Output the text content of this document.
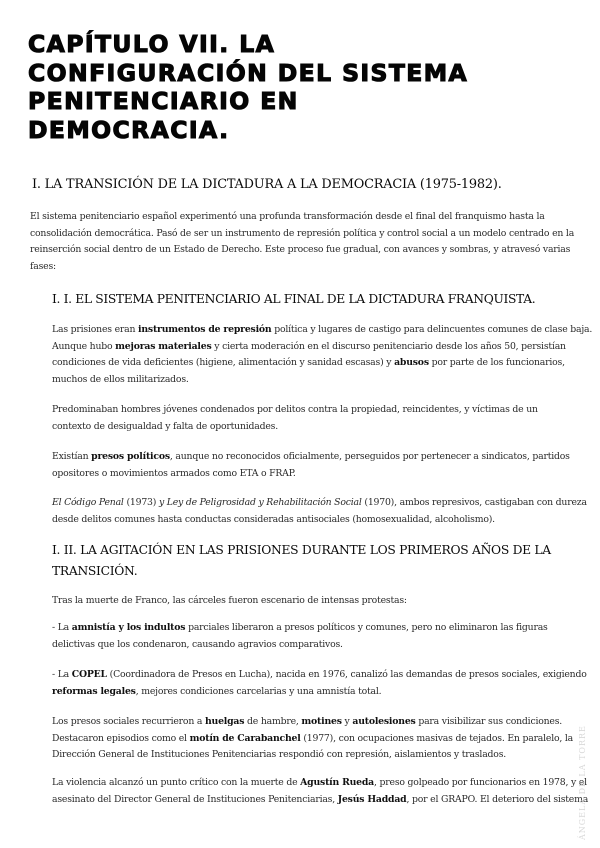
CAPÍTULO VII. LA
CONFIGURACIÓN DEL SISTEMA
PENITENCIARIO EN
DEMOCRACIA.
I. LA TRANSICIÓN DE LA DICTADURA A LA DEMOCRACIA (1975-1982).

El sistema penitenciario español experimentó una profunda transformación desde el final del franquismo hasta la
consolidación democrática. Pasó de ser un instrumento de represión política y control social a un modelo centrado en la
reinserción social dentro de un Estado de Derecho. Este proceso fue gradual, con avances y sombras, y atravesó varias
fases:

I. I. EL SISTEMA PENITENCIARIO AL FINAL DE LA DICTADURA FRANQUISTA.

Las prisiones eran instrumentos de represión política y lugares de castigo para delincuentes comunes de clase baja.
Aunque hubo mejoras materiales y cierta moderación en el discurso penitenciario desde los años 50, persistían
condiciones de vida deficientes (higiene, alimentación y sanidad escasas) y abusos por parte de los funcionarios,
muchos de ellos militarizados.

Predominaban hombres jóvenes condenados por delitos contra la propiedad, reincidentes, y víctimas de un
contexto de desigualdad y falta de oportunidades.

Existían presos políticos, aunque no reconocidos oficialmente, perseguidos por pertenecer a sindicatos, partidos
opositores o movimientos armados como ETA o FRAP.

El Código Penal (1973) y Ley de Peligrosidad y Rehabilitación Social (1970), ambos represivos, castigaban con dureza
desde delitos comunes hasta conductas consideradas antisociales (homosexualidad, alcoholismo).

I. II. LA AGITACIÓN EN LAS PRISIONES DURANTE LOS PRIMEROS AÑOS DE LA
TRANSICIÓN.

Tras la muerte de Franco, las cárceles fueron escenario de intensas protestas:

- La amnistía y los indultos parciales liberaron a presos políticos y comunes, pero no eliminaron las figuras
delictivas que los condenaron, causando agravios comparativos.

- La COPEL (Coordinadora de Presos en Lucha), nacida en 1976, canalizó las demandas de presos sociales, exigiendo
reformas legales, mejores condiciones carcelarias y una amnistía total.

Los presos sociales recurrieron a huelgas de hambre, motines y autolesiones para visibilizar sus condiciones.
Destacaron episodios como el motín de Carabanchel (1977), con ocupaciones masivas de tejados. En paralelo, la
Dirección General de Instituciones Penitenciarias respondió con represión, aislamientos y traslados.

La violencia alcanzó un punto crítico con la muerte de Agustín Rueda, preso golpeado por funcionarios en 1978, y el
asesinato del Director General de Instituciones Penitenciarias, Jesús Haddad, por el GRAPO. El deterioro del sistema

ÁNGELA DE LA TORRE
